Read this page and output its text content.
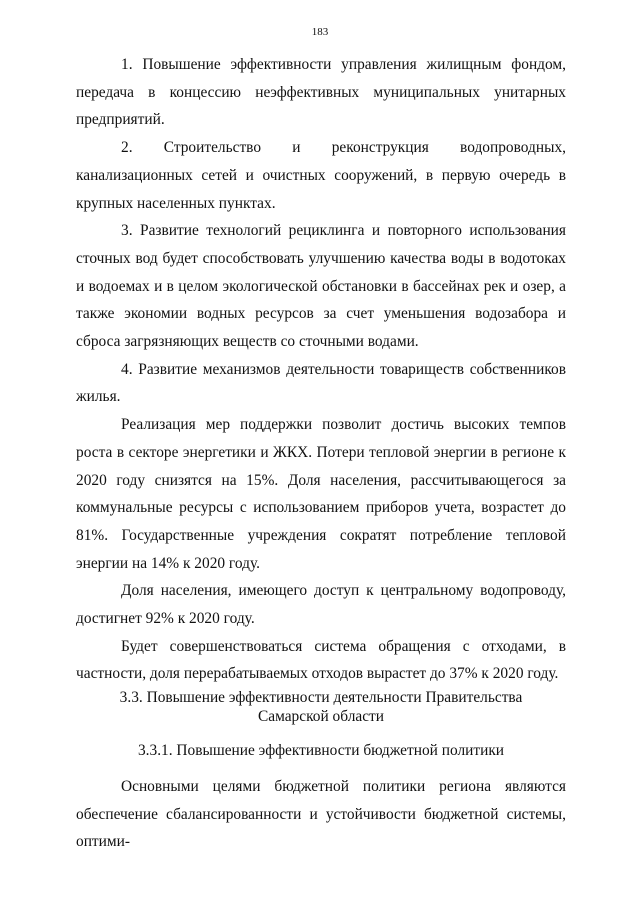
183

1. Повышение эффективности управления жилищным фондом, передача в концессию неэффективных муниципальных унитарных предприятий.

2. Строительство и реконструкция водопроводных, канализационных сетей и очистных сооружений, в первую очередь в крупных населенных пунктах.

3. Развитие технологий рециклинга и повторного использования сточных вод будет способствовать улучшению качества воды в водотоках и водоемах и в целом экологической обстановки в бассейнах рек и озер, а также экономии водных ресурсов за счет уменьшения водозабора и сброса загрязняющих веществ со сточными водами.

4. Развитие механизмов деятельности товариществ собственников жилья.

Реализация мер поддержки позволит достичь высоких темпов роста в секторе энергетики и ЖКХ. Потери тепловой энергии в регионе к 2020 году снизятся на 15%. Доля населения, рассчитывающегося за коммунальные ресурсы с использованием приборов учета, возрастет до 81%. Государственные учреждения сократят потребление тепловой энергии на 14% к 2020 году.

Доля населения, имеющего доступ к центральному водопроводу, достигнет 92% к 2020 году.

Будет совершенствоваться система обращения с отходами, в частности, доля перерабатываемых отходов вырастет до 37% к 2020 году.

3.3. Повышение эффективности деятельности Правительства
Самарской области
3.3.1. Повышение эффективности бюджетной политики

Основными целями бюджетной политики региона являются обеспечение сбалансированности и устойчивости бюджетной системы, оптими-
